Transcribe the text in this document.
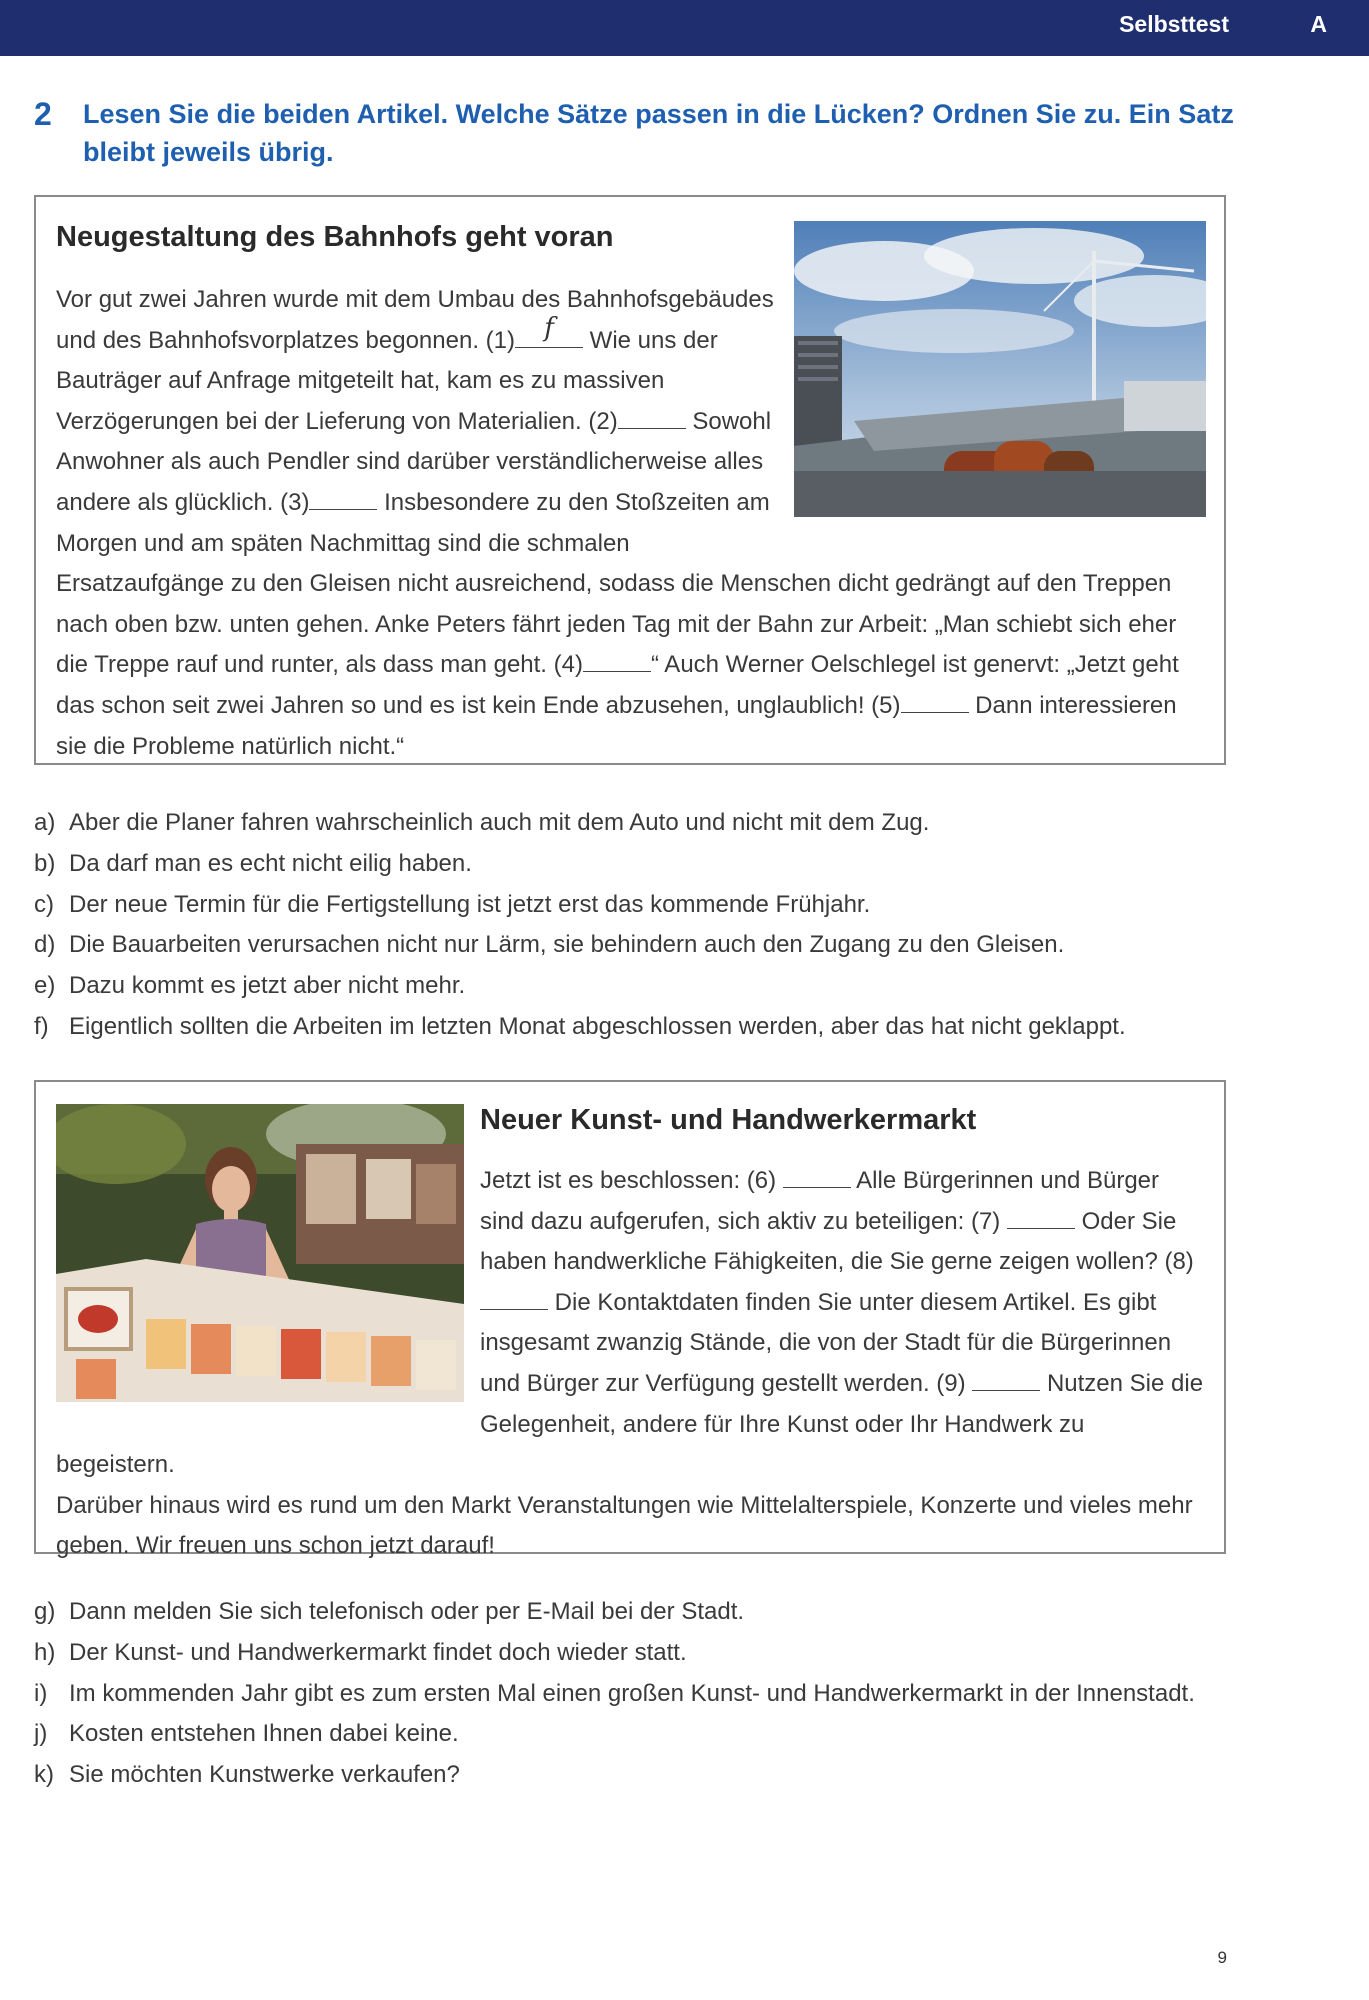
Selbsttest	A
2 Lesen Sie die beiden Artikel. Welche Sätze passen in die Lücken? Ordnen Sie zu. Ein Satz bleibt jeweils übrig.
Neugestaltung des Bahnhofs geht voran
Vor gut zwei Jahren wurde mit dem Umbau des Bahnhofsgebäudes und des Bahnhofsvorplatzes begonnen. (1)	f	Wie uns der Bauträger auf Anfrage mitgeteilt hat, kam es zu massiven Verzögerungen bei der Lieferung von Materialien. (2)	Sowohl Anwohner als auch Pendler sind darüber verständlicherweise alles andere als glücklich. (3)	Insbesondere zu den Stoßzeiten am Morgen und am späten Nachmittag sind die schmalen Ersatzaufgänge zu den Gleisen nicht ausreichend, sodass die Menschen dicht gedrängt auf den Treppen nach oben bzw. unten gehen. Anke Peters fährt jeden Tag mit der Bahn zur Arbeit: „Man schiebt sich eher die Treppe rauf und runter, als dass man geht. (4)	“ Auch Werner Oelschlegel ist genervt: „Jetzt geht das schon seit zwei Jahren so und es ist kein Ende abzusehen, unglaublich! (5)	Dann interessieren sie die Probleme natürlich nicht.“
a) Aber die Planer fahren wahrscheinlich auch mit dem Auto und nicht mit dem Zug.
b) Da darf man es echt nicht eilig haben.
c) Der neue Termin für die Fertigstellung ist jetzt erst das kommende Frühjahr.
d) Die Bauarbeiten verursachen nicht nur Lärm, sie behindern auch den Zugang zu den Gleisen.
e) Dazu kommt es jetzt aber nicht mehr.
f) Eigentlich sollten die Arbeiten im letzten Monat abgeschlossen werden, aber das hat nicht geklappt.
Neuer Kunst- und Handwerkermarkt
Jetzt ist es beschlossen: (6)	Alle Bürgerinnen und Bürger sind dazu aufgerufen, sich aktiv zu beteiligen: (7)	Oder Sie haben handwerkliche Fähigkeiten, die Sie gerne zeigen wollen? (8)  Die Kontaktdaten finden Sie unter diesem Artikel. Es gibt insgesamt zwanzig Stände, die von der Stadt für die Bürgerinnen und Bürger zur Verfügung gestellt werden. (9)	Nutzen Sie die Gelegenheit, andere für Ihre Kunst oder Ihr Handwerk zu begeistern.
Darüber hinaus wird es rund um den Markt Veranstaltungen wie Mittelalterspiele, Konzerte und vieles mehr geben. Wir freuen uns schon jetzt darauf!
g) Dann melden Sie sich telefonisch oder per E-Mail bei der Stadt.
h) Der Kunst- und Handwerkermarkt findet doch wieder statt.
i) Im kommenden Jahr gibt es zum ersten Mal einen großen Kunst- und Handwerkermarkt in der Innenstadt.
j) Kosten entstehen Ihnen dabei keine.
k) Sie möchten Kunstwerke verkaufen?
9
